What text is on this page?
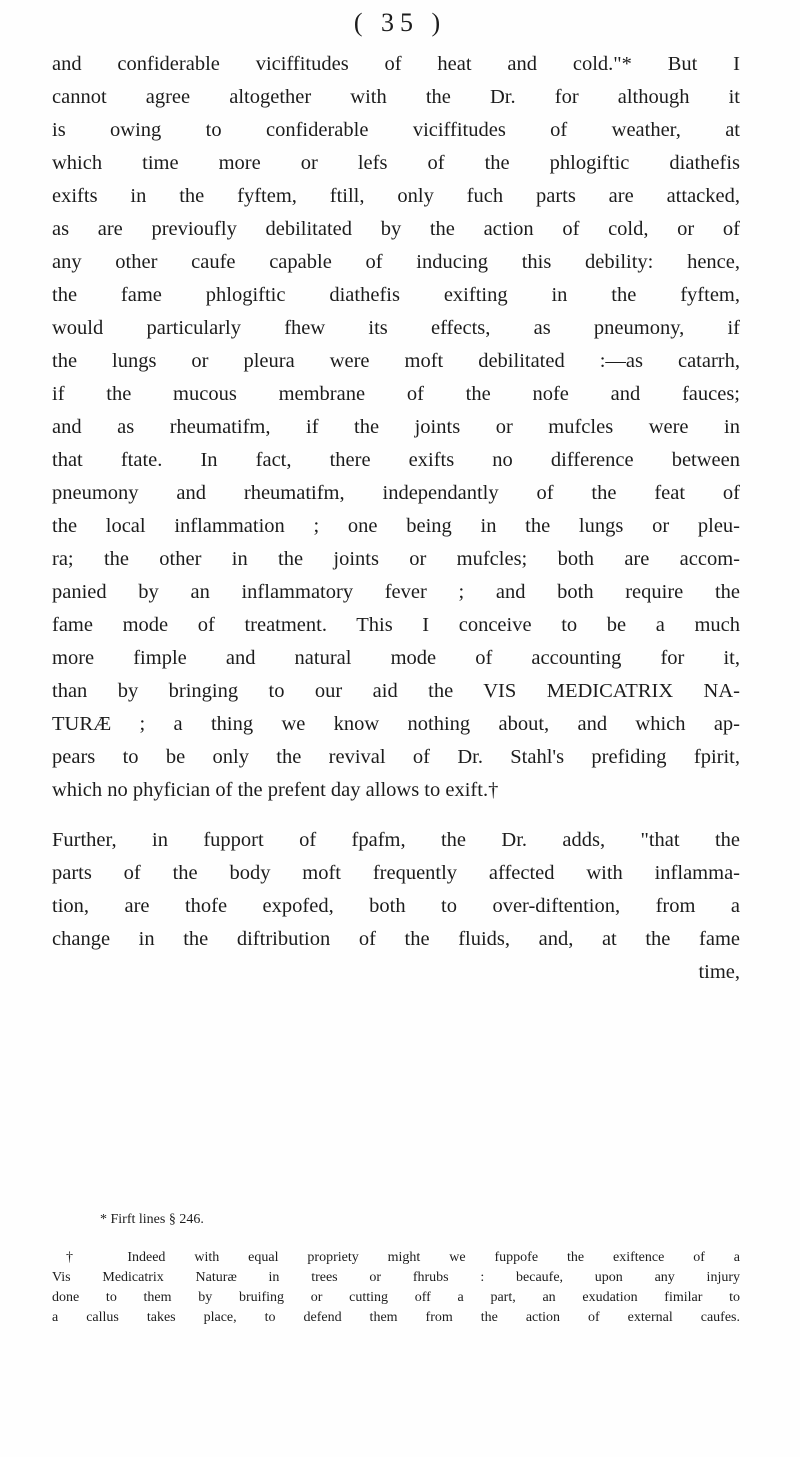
( 35 )

and confiderable viciffitudes of heat and cold."* But I
cannot agree altogether with the Dr. for although it
is owing to confiderable viciffitudes of weather, at
which time more or lefs of the phlogiftic diathefis
exifts in the fyftem, ftill, only fuch parts are attacked,
as are previoufly debilitated by the action of cold, or of
any other caufe capable of inducing this debility: hence,
the fame phlogiftic diathefis exifting in the fyftem,
would particularly fhew its effects, as pneumony, if
the lungs or pleura were moft debilitated :—as catarrh,
if the mucous membrane of the nofe and fauces;
and as rheumatifm, if the joints or mufcles were in
that ftate. In fact, there exifts no difference between
pneumony and rheumatifm, independantly of the feat of
the local inflammation ; one being in the lungs or pleu-
ra; the other in the joints or mufcles; both are accom-
panied by an inflammatory fever ; and both require the
fame mode of treatment. This I conceive to be a much
more fimple and natural mode of accounting for it,
than by bringing to our aid the VIS MEDICATRIX NA-
TURÆ ; a thing we know nothing about, and which ap-
pears to be only the revival of Dr. Stahl's prefiding fpirit,
which no phyfician of the prefent day allows to exift.†

Further, in fupport of fpafm, the Dr. adds, "that the
parts of the body moft frequently affected with inflamma-
tion, are thofe expofed, both to over-diftention, from a
change in the diftribution of the fluids, and, at the fame
time,

* Firft lines § 246.

† Indeed with equal propriety might we fuppofe the exiftence of a
Vis Medicatrix Naturæ in trees or fhrubs : becaufe, upon any injury
done to them by bruifing or cutting off a part, an exudation fimilar to
a callus takes place, to defend them from the action of external caufes.
